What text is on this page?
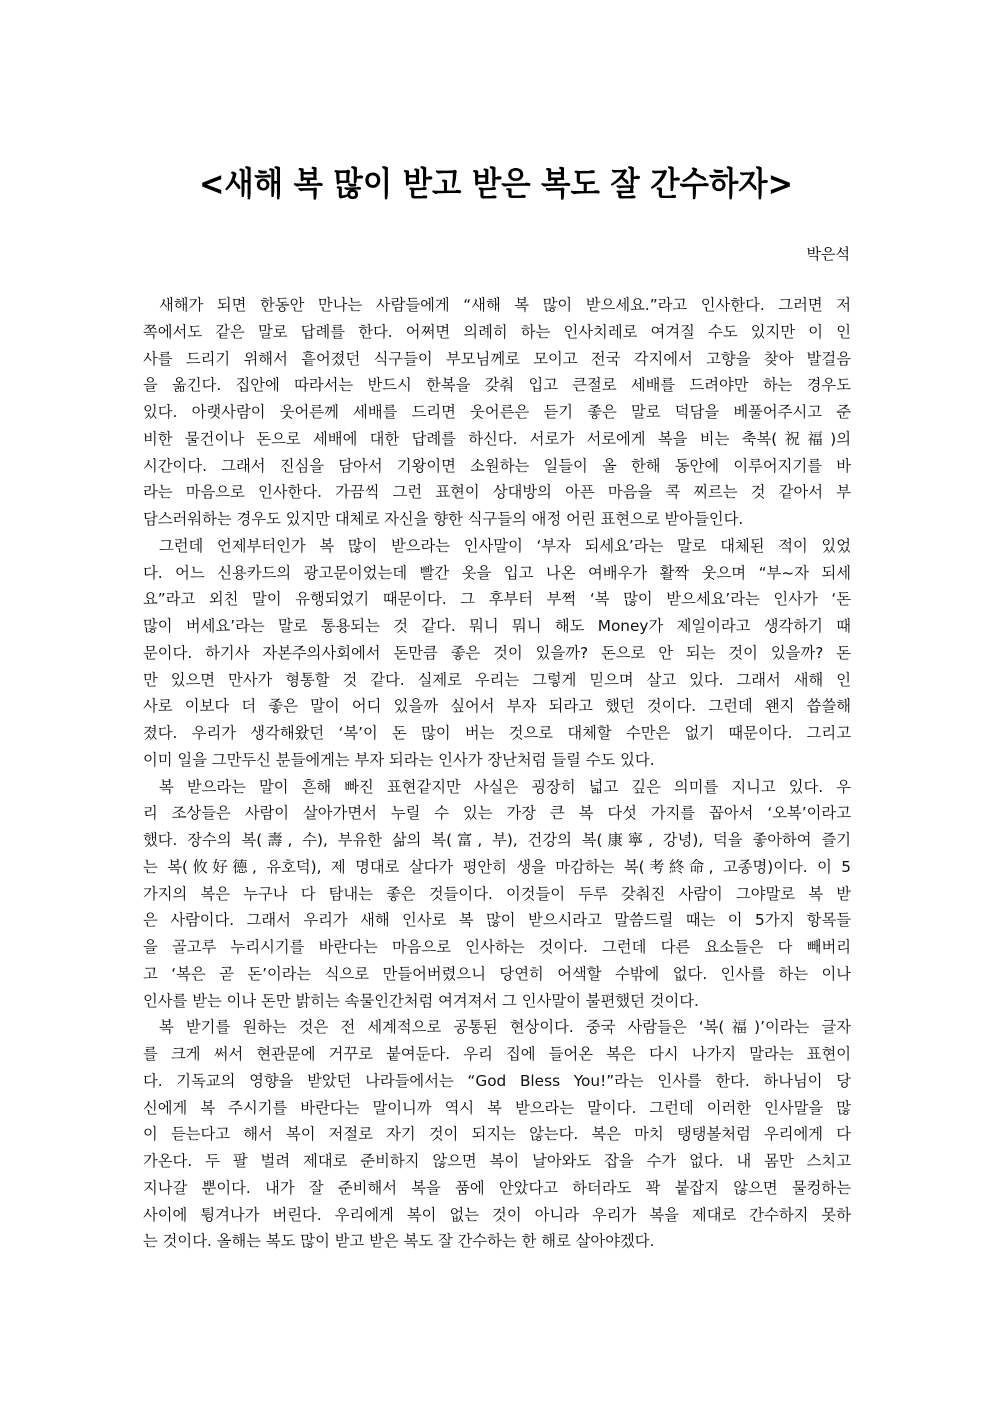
<새해 복 많이 받고 받은 복도 잘 간수하자>
박은석
새해가 되면 한동안 만나는 사람들에게 “새해 복 많이 받으세요.”라고 인사한다. 그러면 저
쪽에서도 같은 말로 답례를 한다. 어쩌면 의례히 하는 인사치레로 여겨질 수도 있지만 이 인
사를 드리기 위해서 흩어졌던 식구들이 부모님께로 모이고 전국 각지에서 고향을 찾아 발걸음
을 옮긴다. 집안에 따라서는 반드시 한복을 갖춰 입고 큰절로 세배를 드려야만 하는 경우도
있다. 아랫사람이 웃어른께 세배를 드리면 웃어른은 듣기 좋은 말로 덕담을 베풀어주시고 준
비한 물건이나 돈으로 세배에 대한 답례를 하신다. 서로가 서로에게 복을 비는 축복(祝福)의
시간이다. 그래서 진심을 담아서 기왕이면 소원하는 일들이 올 한해 동안에 이루어지기를 바
라는 마음으로 인사한다. 가끔씩 그런 표현이 상대방의 아픈 마음을 콕 찌르는 것 같아서 부
담스러워하는 경우도 있지만 대체로 자신을 향한 식구들의 애정 어린 표현으로 받아들인다.
그런데 언제부터인가 복 많이 받으라는 인사말이 ‘부자 되세요’라는 말로 대체된 적이 있었
다. 어느 신용카드의 광고문이었는데 빨간 옷을 입고 나온 여배우가 활짝 웃으며 “부~자 되세
요”라고 외친 말이 유행되었기 때문이다. 그 후부터 부쩍 ‘복 많이 받으세요’라는 인사가 ‘돈
많이 버세요’라는 말로 통용되는 것 같다. 뭐니 뭐니 해도 Money가 제일이라고 생각하기 때
문이다. 하기사 자본주의사회에서 돈만큼 좋은 것이 있을까? 돈으로 안 되는 것이 있을까? 돈
만 있으면 만사가 형통할 것 같다. 실제로 우리는 그렇게 믿으며 살고 있다. 그래서 새해 인
사로 이보다 더 좋은 말이 어디 있을까 싶어서 부자 되라고 했던 것이다. 그런데 왠지 씁쓸해
졌다. 우리가 생각해왔던 ‘복’이 돈 많이 버는 것으로 대체할 수만은 없기 때문이다. 그리고
이미 일을 그만두신 분들에게는 부자 되라는 인사가 장난처럼 들릴 수도 있다.
복 받으라는 말이 흔해 빠진 표현같지만 사실은 굉장히 넓고 깊은 의미를 지니고 있다. 우
리 조상들은 사람이 살아가면서 누릴 수 있는 가장 큰 복 다섯 가지를 꼽아서 ‘오복’이라고
했다. 장수의 복(壽, 수), 부유한 삶의 복(富, 부), 건강의 복(康寧, 강녕), 덕을 좋아하여 즐기
는 복(攸好德, 유호덕), 제 명대로 살다가 평안히 생을 마감하는 복(考終命, 고종명)이다. 이 5
가지의 복은 누구나 다 탐내는 좋은 것들이다. 이것들이 두루 갖춰진 사람이 그야말로 복 받
은 사람이다. 그래서 우리가 새해 인사로 복 많이 받으시라고 말씀드릴 때는 이 5가지 항목들
을 골고루 누리시기를 바란다는 마음으로 인사하는 것이다. 그런데 다른 요소들은 다 빼버리
고 ‘복은 곧 돈’이라는 식으로 만들어버렸으니 당연히 어색할 수밖에 없다. 인사를 하는 이나
인사를 받는 이나 돈만 밝히는 속물인간처럼 여겨져서 그 인사말이 불편했던 것이다.
복 받기를 원하는 것은 전 세계적으로 공통된 현상이다. 중국 사람들은 ‘복(福)’이라는 글자
를 크게 써서 현관문에 거꾸로 붙여둔다. 우리 집에 들어온 복은 다시 나가지 말라는 표현이
다. 기독교의 영향을 받았던 나라들에서는 “God Bless You!”라는 인사를 한다. 하나님이 당
신에게 복 주시기를 바란다는 말이니까 역시 복 받으라는 말이다. 그런데 이러한 인사말을 많
이 듣는다고 해서 복이 저절로 자기 것이 되지는 않는다. 복은 마치 탱탱볼처럼 우리에게 다
가온다. 두 팔 벌려 제대로 준비하지 않으면 복이 날아와도 잡을 수가 없다. 내 몸만 스치고
지나갈 뿐이다. 내가 잘 준비해서 복을 품에 안았다고 하더라도 꽉 붙잡지 않으면 물컹하는
사이에 튕겨나가 버린다. 우리에게 복이 없는 것이 아니라 우리가 복을 제대로 간수하지 못하
는 것이다. 올해는 복도 많이 받고 받은 복도 잘 간수하는 한 해로 살아야겠다.
